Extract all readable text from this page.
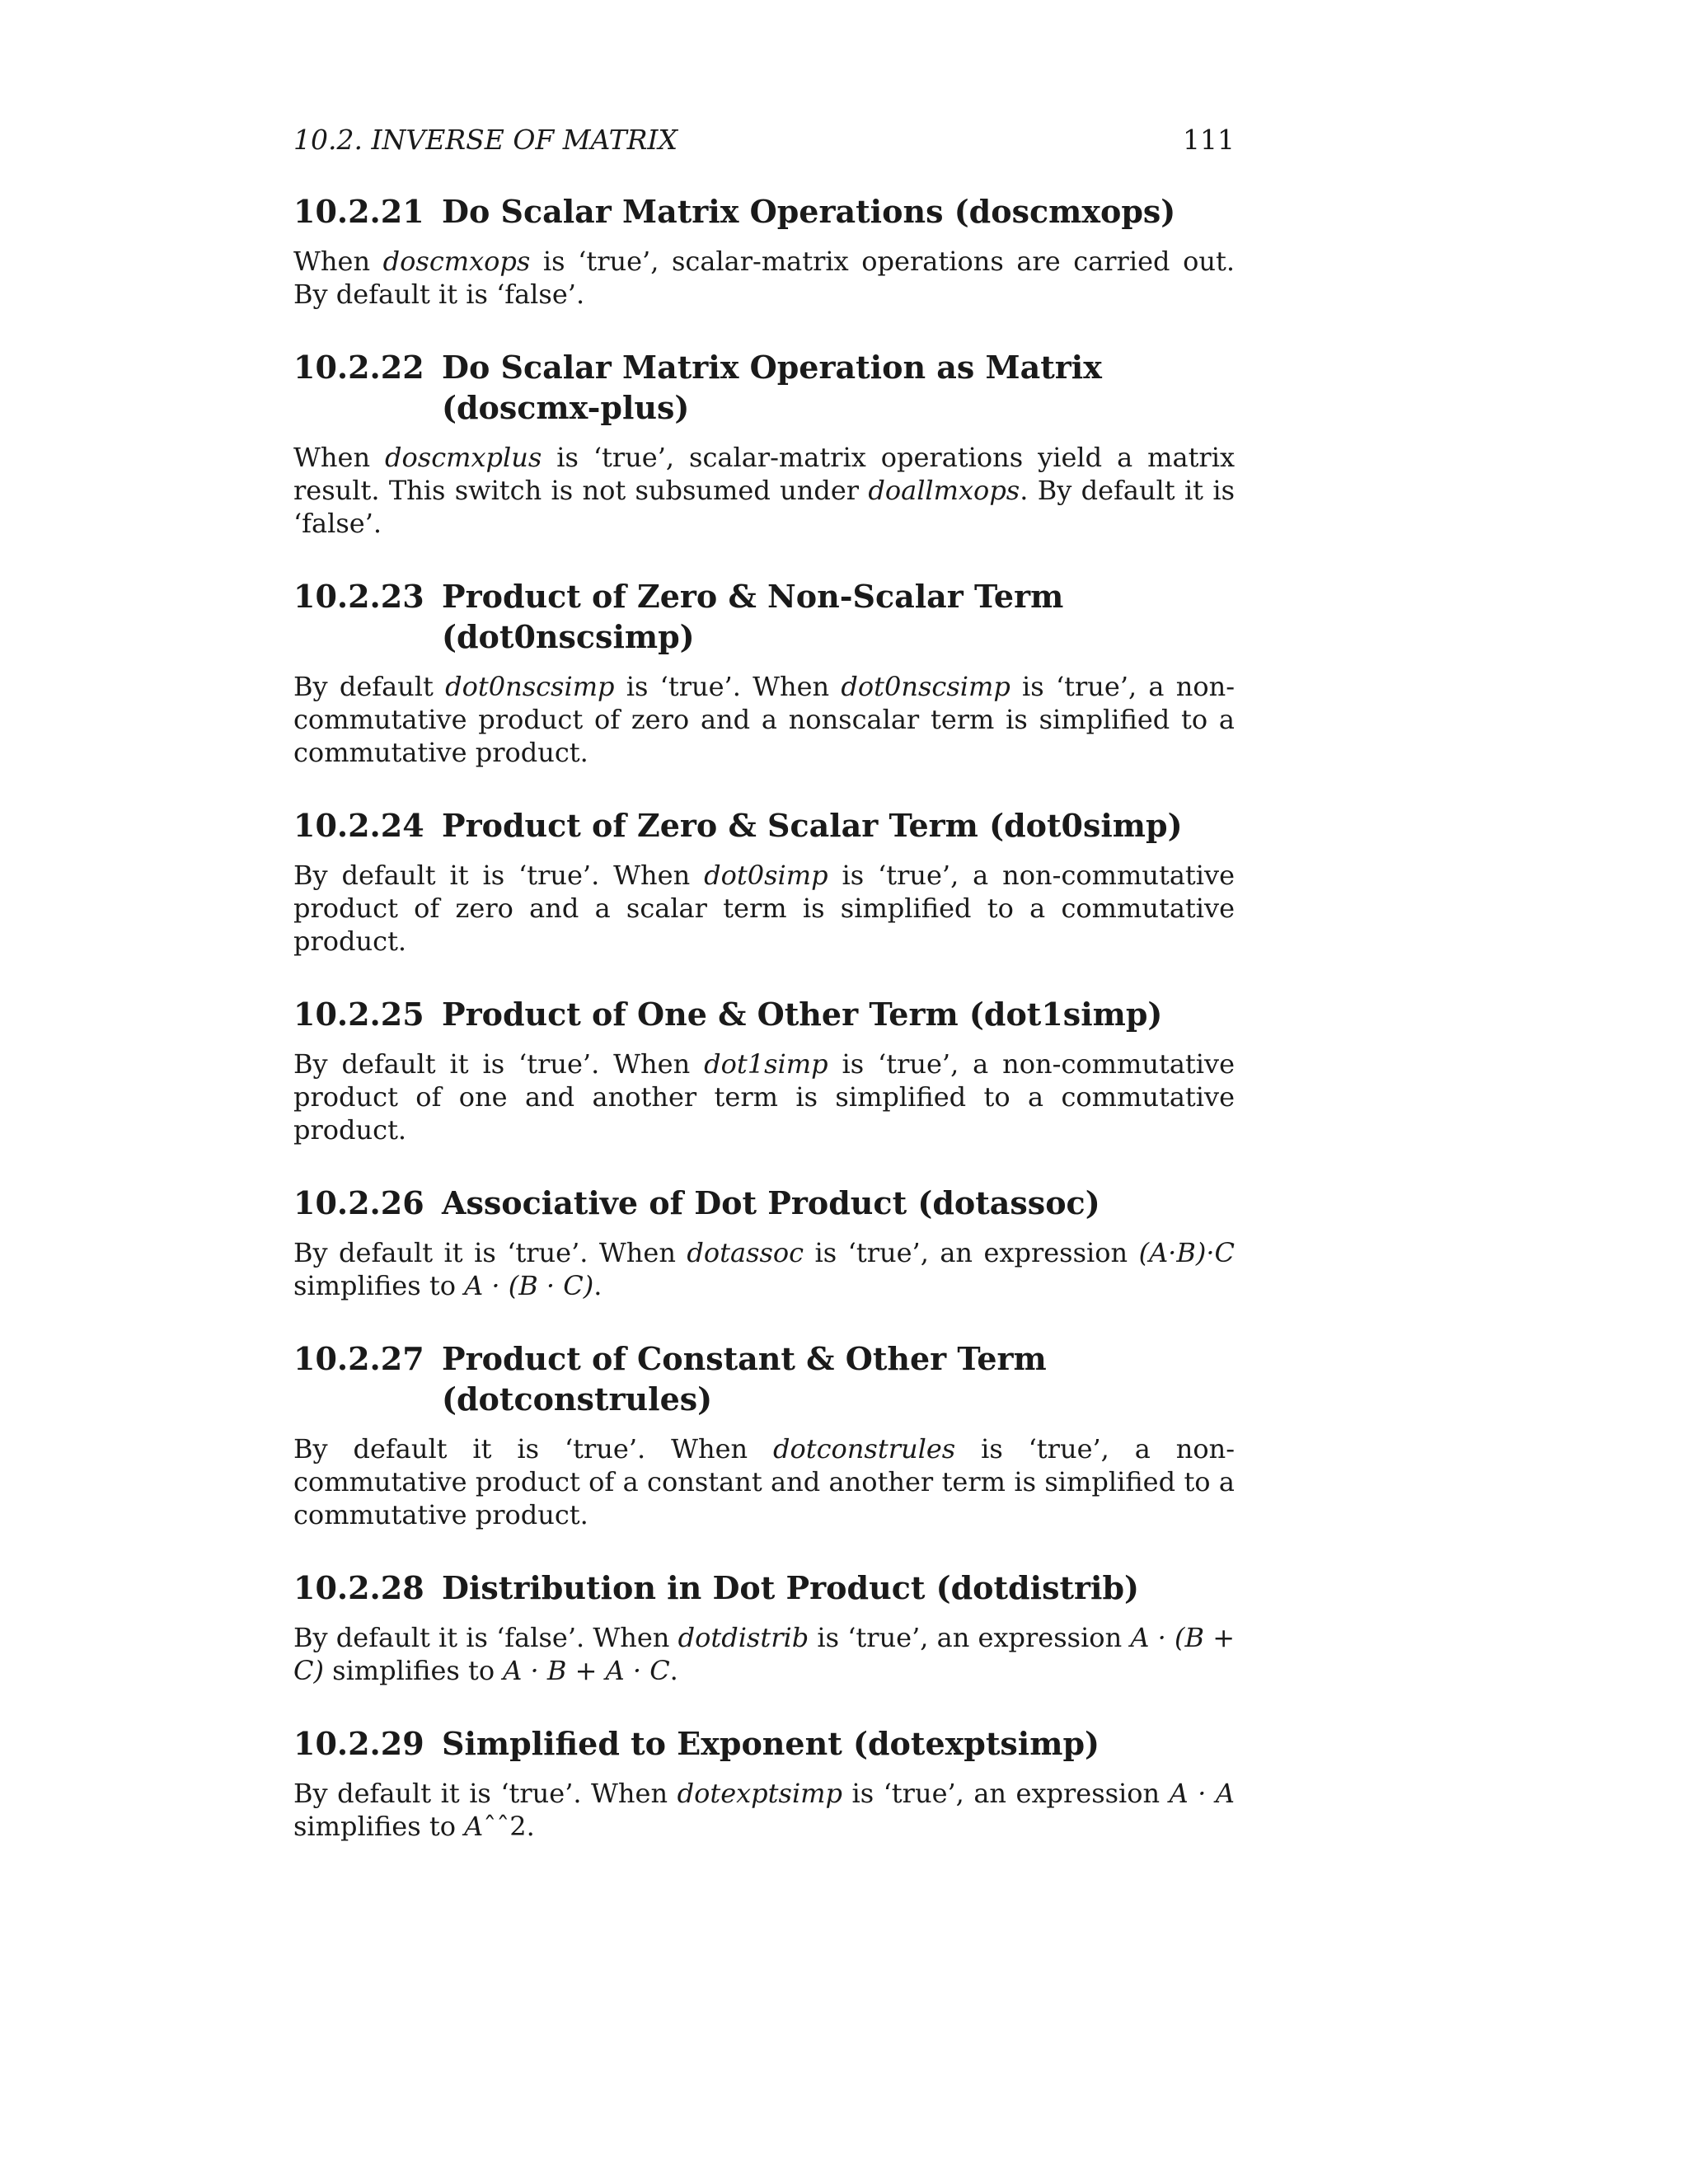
10.2. INVERSE OF MATRIX	111
10.2.21 Do Scalar Matrix Operations (doscmxops)

When doscmxops is ‘true’, scalar-matrix operations are carried out. By default it is ‘false’.

10.2.22 Do Scalar Matrix Operation as Matrix (doscmx-plus)

When doscmxplus is ‘true’, scalar-matrix operations yield a matrix result. This switch is not subsumed under doallmxops. By default it is ‘false’.

10.2.23 Product of Zero & Non-Scalar Term (dot0nscsimp)

By default dot0nscsimp is ‘true’. When dot0nscsimp is ‘true’, a non-commutative product of zero and a nonscalar term is simplified to a commutative product.

10.2.24 Product of Zero & Scalar Term (dot0simp)

By default it is ‘true’. When dot0simp is ‘true’, a non-commutative product of zero and a scalar term is simplified to a commutative product.

10.2.25 Product of One & Other Term (dot1simp)

By default it is ‘true’. When dot1simp is ‘true’, a non-commutative product of one and another term is simplified to a commutative product.

10.2.26 Associative of Dot Product (dotassoc)

By default it is ‘true’. When dotassoc is ‘true’, an expression (A·B)·C simplifies to A · (B · C).

10.2.27 Product of Constant & Other Term (dotconstrules)

By default it is ‘true’. When dotconstrules is ‘true’, a non-commutative product of a constant and another term is simplified to a commutative product.

10.2.28 Distribution in Dot Product (dotdistrib)

By default it is ‘false’. When dotdistrib is ‘true’, an expression A · (B + C) simplifies to A · B + A · C.

10.2.29 Simplified to Exponent (dotexptsimp)

By default it is ‘true’. When dotexptsimp is ‘true’, an expression A · A simplifies to Aˆˆ2.
